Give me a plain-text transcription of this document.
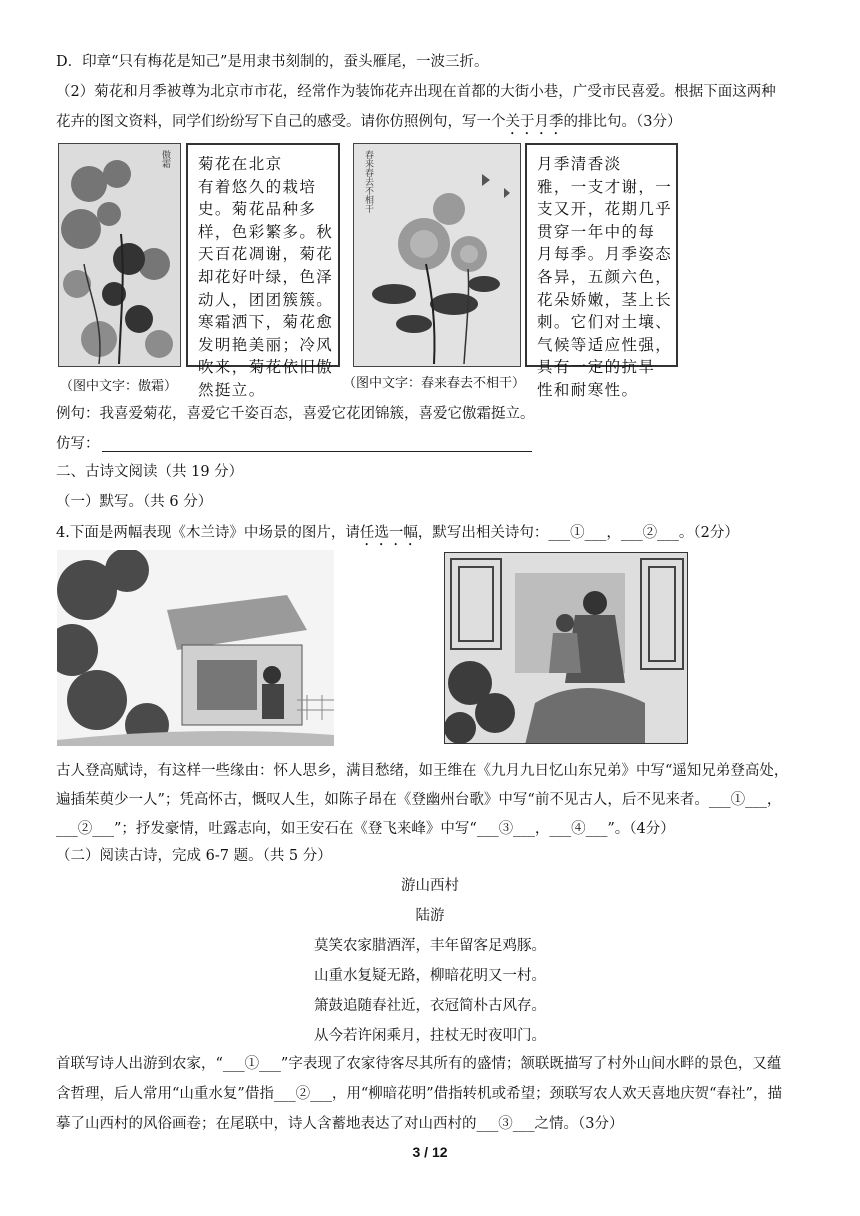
D．印章“只有梅花是知己”是用隶书刻制的，蚕头雁尾，一波三折。
（2）菊花和月季被尊为北京市市花，经常作为装饰花卉出现在首都的大街小巷，广受市民喜爱。根据下面这两种
花卉的图文资料，同学们纷纷写下自己的感受。请你仿照例句，写一个关于月季的排比句。（3分）
傲霜	菊花在北京
有着悠久的栽培
史。菊花品种多
样，色彩繁多。秋
天百花凋谢，菊花
却花好叶绿，色泽
动人，团团簇簇。
寒霜洒下，菊花愈
发明艳美丽；冷风
吹来，菊花依旧傲
然挺立。
（图中文字：傲霜）
春来春去不相干	月季清香淡
雅，一支才谢，一
支又开，花期几乎
贯穿一年中的每
月每季。月季姿态
各异，五颜六色，
花朵娇嫩，茎上长
刺。它们对土壤、
气候等适应性强，
具有一定的抗旱
性和耐寒性。
（图中文字：春来春去不相干）
例句：我喜爱菊花，喜爱它千姿百态，喜爱它花团锦簇，喜爱它傲霜挺立。
仿写：
二、古诗文阅读（共 19 分）
（一）默写。（共 6 分）
4.下面是两幅表现《木兰诗》中场景的图片，请任选一幅，默写出相关诗句：___①___，___②___。（2分）
古人登高赋诗，有这样一些缘由：怀人思乡，满目愁绪，如王维在《九月九日忆山东兄弟》中写“遥知兄弟登高处，
遍插茱萸少一人”；凭高怀古，慨叹人生，如陈子昂在《登幽州台歌》中写“前不见古人，后不见来者。___①___，
___②___”；抒发豪情，吐露志向，如王安石在《登飞来峰》中写“___③___，___④___”。（4分）
（二）阅读古诗，完成 6-7 题。（共 5 分）
游山西村
陆游
莫笑农家腊酒浑，丰年留客足鸡豚。
山重水复疑无路，柳暗花明又一村。
箫鼓追随春社近，衣冠简朴古风存。
从今若许闲乘月，拄杖无时夜叩门。
首联写诗人出游到农家，“___①___”字表现了农家待客尽其所有的盛情；颔联既描写了村外山间水畔的景色，又蕴
含哲理，后人常用“山重水复”借指___②___，用“柳暗花明”借指转机或希望；颈联写农人欢天喜地庆贺“春社”，描
摹了山西村的风俗画卷；在尾联中，诗人含蓄地表达了对山西村的___③___之情。（3分）
3 / 12
